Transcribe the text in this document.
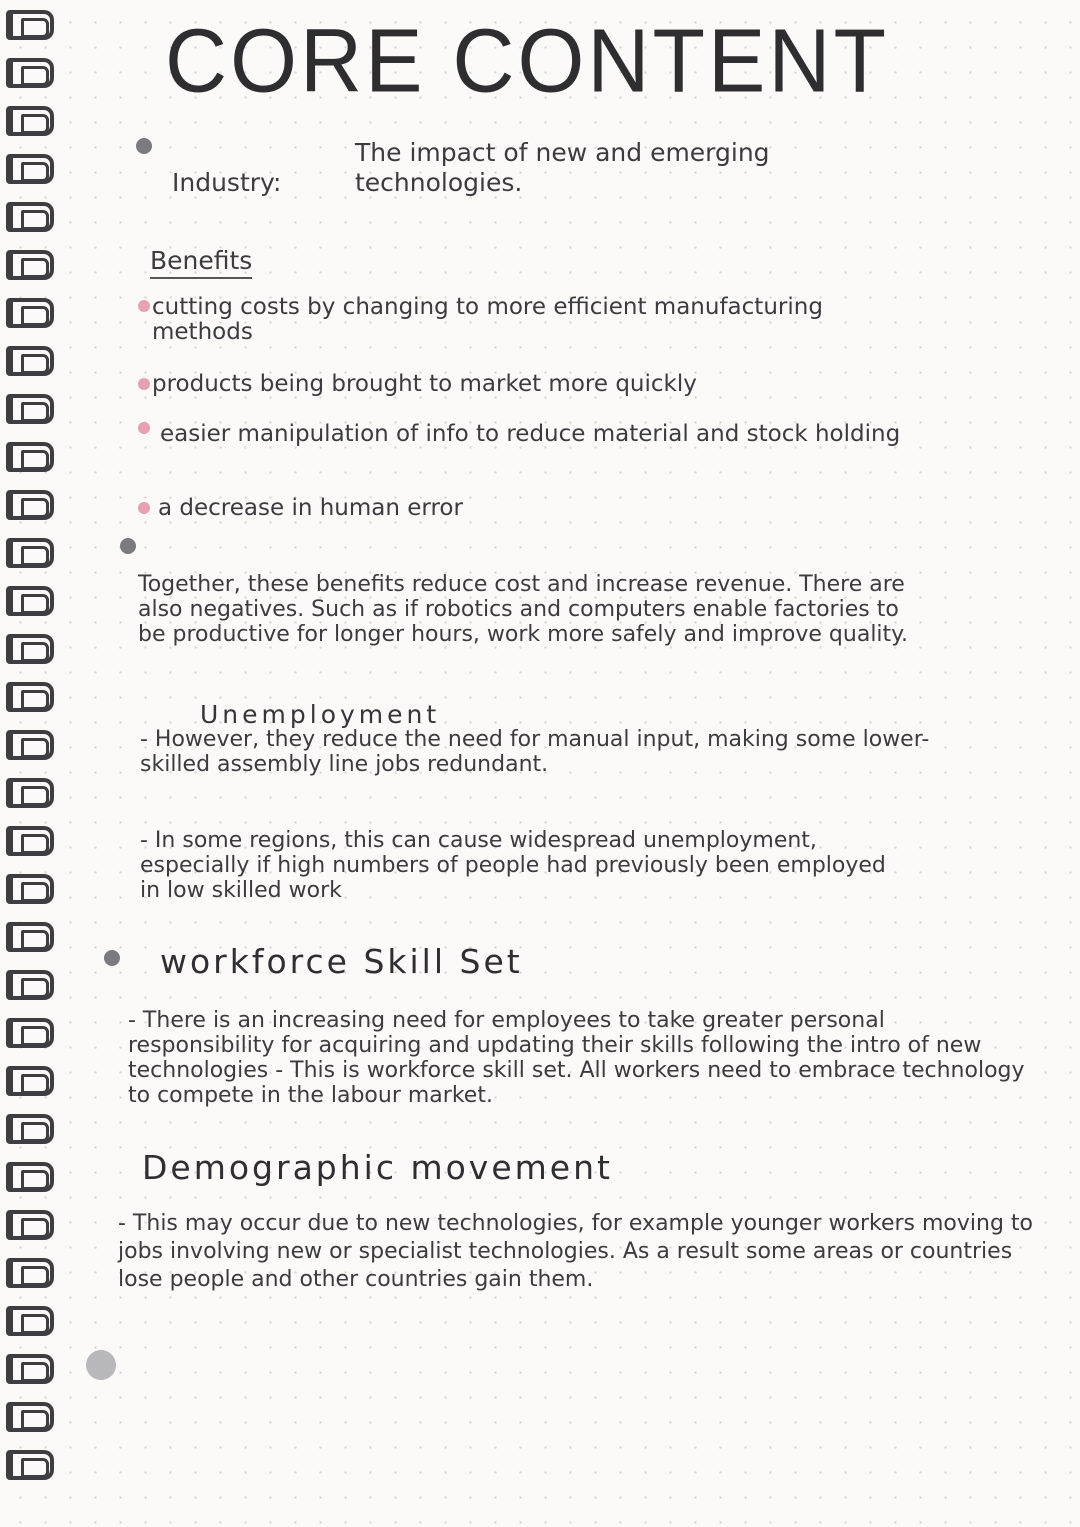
CORE CONTENT
Industry:
The impact of new and emerging technologies.
Benefits
cutting costs by changing to more efficient manufacturing methods
products being brought to market more quickly
easier manipulation of info to reduce material and stock holding
a decrease in human error
Together, these benefits reduce cost and increase revenue. There are also negatives. Such as if robotics and computers enable factories to be productive for longer hours, work more safely and improve quality.
Unemployment
- However, they reduce the need for manual input, making some lower-skilled assembly line jobs redundant.
- In some regions, this can cause widespread unemployment, especially if high numbers of people had previously been employed in low skilled work
workforce Skill Set
- There is an increasing need for employees to take greater personal responsibility for acquiring and updating their skills following the intro of new technologies - This is workforce skill set. All workers need to embrace technology to compete in the labour market.
Demographic movement
- This may occur due to new technologies, for example younger workers moving to jobs involving new or specialist technologies. As a result some areas or countries lose people and other countries gain them.
